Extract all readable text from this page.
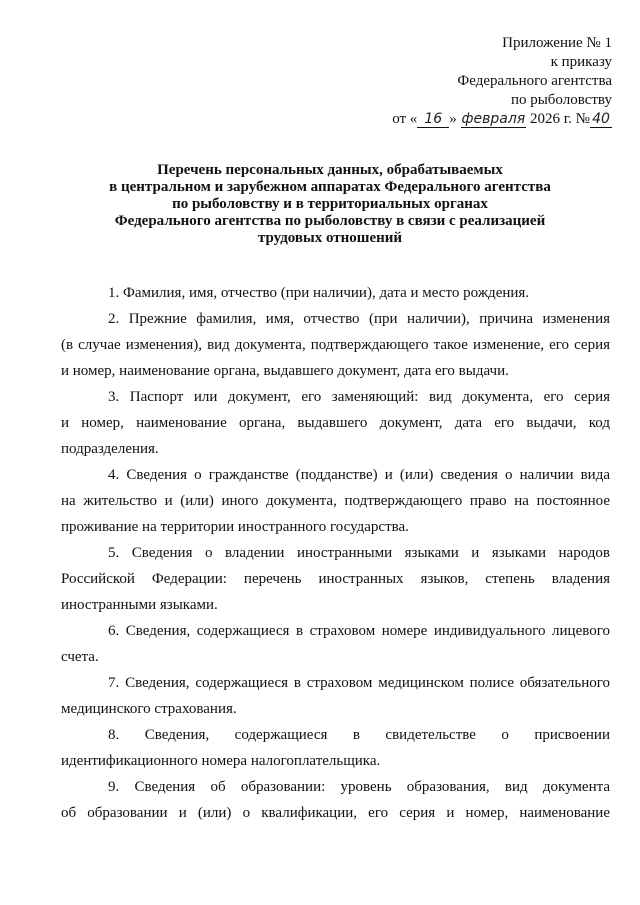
Приложение № 1
к приказу
Федерального агентства
по рыболовству
от « 16 » февраля 2026 г. № 40
Перечень персональных данных, обрабатываемых
в центральном и зарубежном аппаратах Федерального агентства
по рыболовству и в территориальных органах
Федерального агентства по рыболовству в связи с реализацией
трудовых отношений

1. Фамилия, имя, отчество (при наличии), дата и место рождения.

2. Прежние фамилия, имя, отчество (при наличии), причина изменения
(в случае изменения), вид документа, подтверждающего такое изменение, его серия
и номер, наименование органа, выдавшего документ, дата его выдачи.

3. Паспорт или документ, его заменяющий: вид документа, его серия
и номер, наименование органа, выдавшего документ, дата его выдачи, код
подразделения.

4. Сведения о гражданстве (подданстве) и (или) сведения о наличии вида
на жительство и (или) иного документа, подтверждающего право на постоянное
проживание на территории иностранного государства.

5. Сведения о владении иностранными языками и языками народов
Российской Федерации: перечень иностранных языков, степень владения
иностранными языками.

6. Сведения, содержащиеся в страховом номере индивидуального лицевого
счета.

7. Сведения, содержащиеся в страховом медицинском полисе обязательного
медицинского страхования.

8. Сведения, содержащиеся в свидетельстве о присвоении
идентификационного номера налогоплательщика.

9. Сведения об образовании: уровень образования, вид документа
об образовании и (или) о квалификации, его серия и номер, наименование
